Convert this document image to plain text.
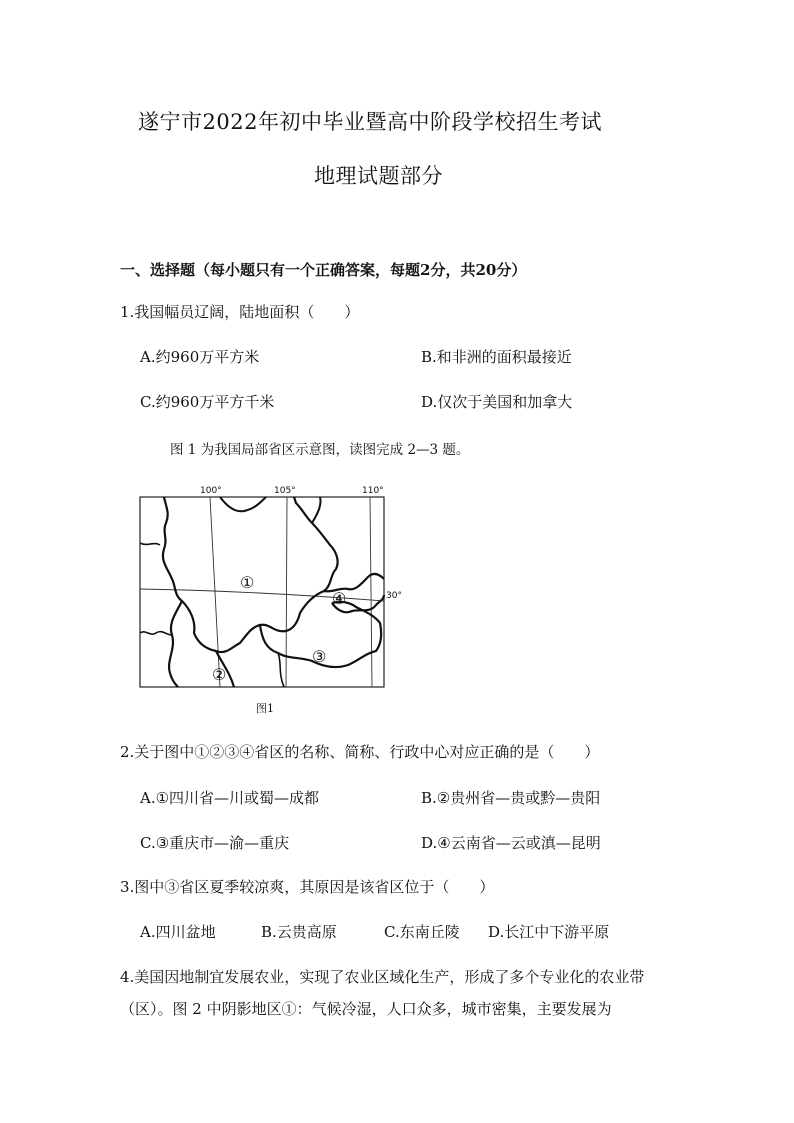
遂宁市2022年初中毕业暨高中阶段学校招生考试
地理试题部分
一、选择题（每小题只有一个正确答案，每题2分，共20分）
1.我国幅员辽阔，陆地面积（　　）
A.约960万平方米	B.和非洲的面积最接近
C.约960万平方千米	D.仅次于美国和加拿大
图 1 为我国局部省区示意图，读图完成 2—3 题。
100°	105°	110°
30°
①
②
③
④
图1
2.关于图中①②③④省区的名称、简称、行政中心对应正确的是（　　）
A.①四川省—川或蜀—成都	B.②贵州省—贵或黔—贵阳
C.③重庆市—渝—重庆	D.④云南省—云或滇—昆明
3.图中③省区夏季较凉爽，其原因是该省区位于（　　）
A.四川盆地	B.云贵高原	C.东南丘陵 D.长江中下游平原
4.美国因地制宜发展农业，实现了农业区域化生产，形成了多个专业化的农业带
（区）。图 2 中阴影地区①：气候冷湿，人口众多，城市密集，主要发展为
